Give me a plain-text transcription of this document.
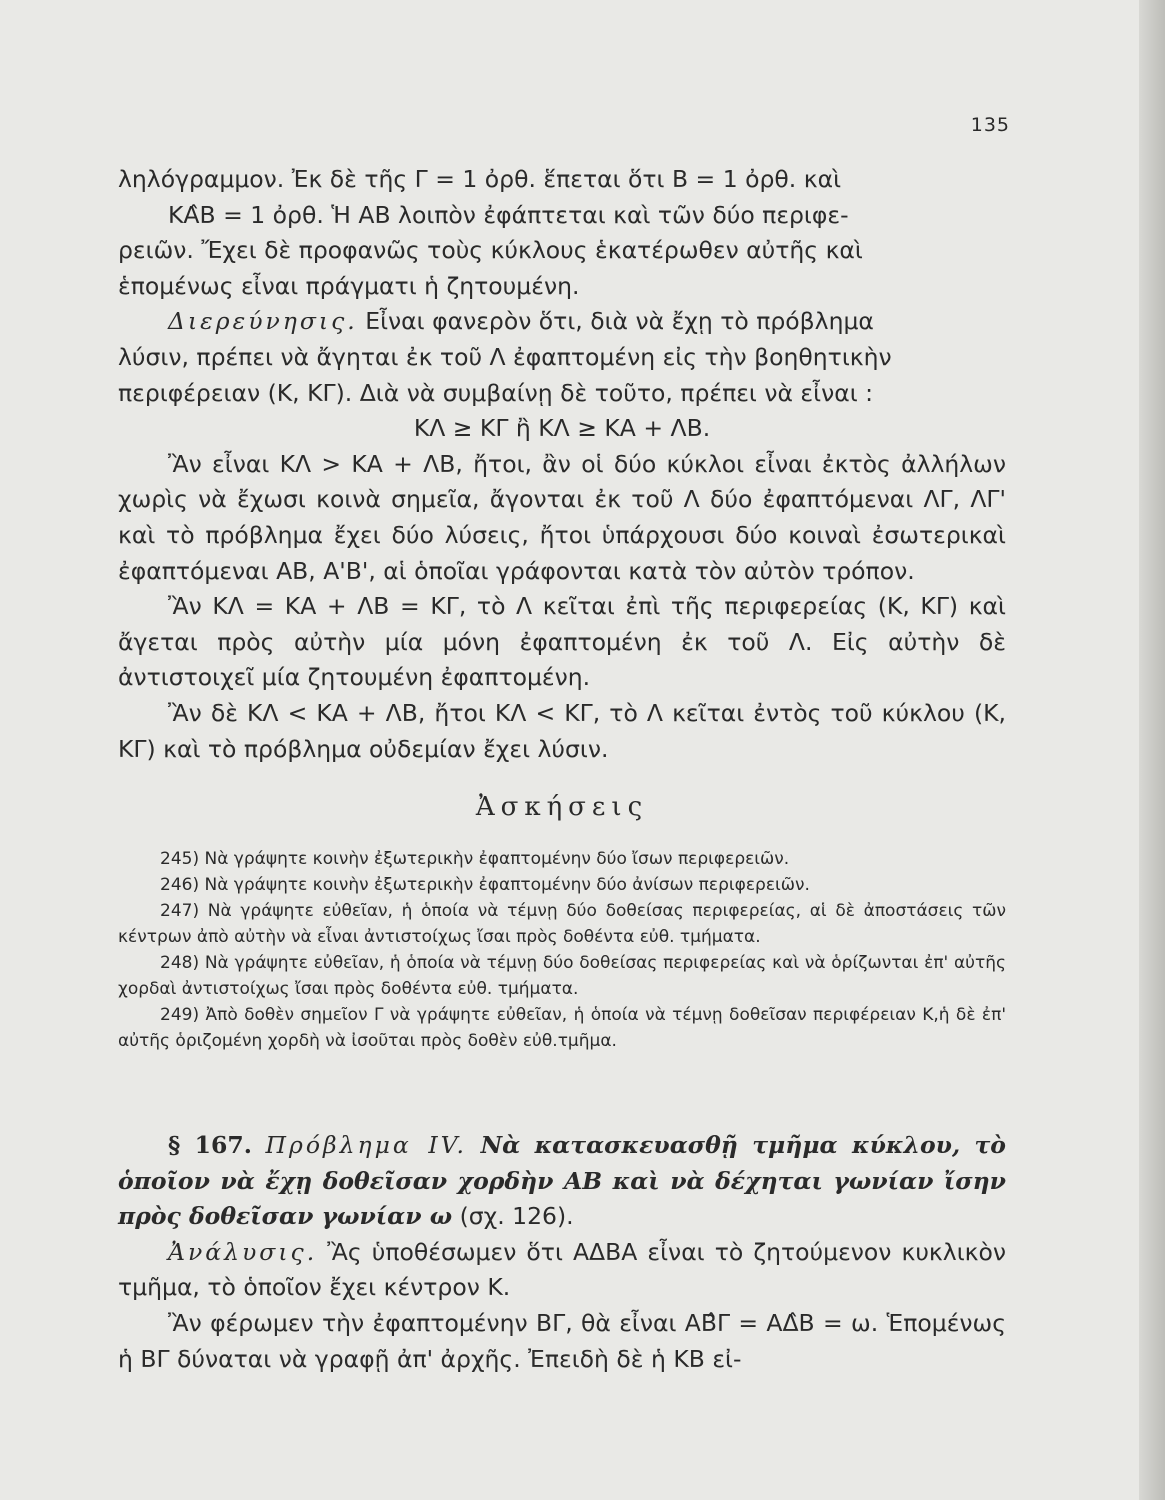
135

ληλόγραμμον. Ἐκ δὲ τῆς Γ = 1 ὀρθ. ἕπεται ὅτι Β = 1 ὀρθ. καὶ

ΚΑ̂Β = 1 ὀρθ. Ἡ ΑΒ λοιπὸν ἐφάπτεται καὶ τῶν δύο περιφε-

ρειῶν. Ἔχει δὲ προφανῶς τοὺς κύκλους ἑκατέρωθεν αὐτῆς καὶ

ἑπομένως εἶναι πράγματι ἡ ζητουμένη.

Διερεύνησις. Εἶναι φανερὸν ὅτι, διὰ νὰ ἔχῃ τὸ πρόβλημα

λύσιν, πρέπει νὰ ἄγηται ἐκ τοῦ Λ ἐφαπτομένη εἰς τὴν βοηθητικὴν

περιφέρειαν (Κ, ΚΓ). Διὰ νὰ συμβαίνῃ δὲ τοῦτο, πρέπει νὰ εἶναι :

ΚΛ ≥ ΚΓ ἢ ΚΛ ≥ ΚΑ + ΛΒ.

Ἂν εἶναι ΚΛ > ΚΑ + ΛΒ, ἤτοι, ἂν οἱ δύο κύκλοι εἶναι ἐκτὸς ἀλλήλων χωρὶς νὰ ἔχωσι κοινὰ σημεῖα, ἄγονται ἐκ τοῦ Λ δύο ἐφαπτόμεναι ΛΓ, ΛΓ' καὶ τὸ πρόβλημα ἔχει δύο λύσεις, ἤτοι ὑπάρχουσι δύο κοιναὶ ἐσωτερικαὶ ἐφαπτόμεναι ΑΒ, Α'Β', αἱ ὁποῖαι γράφονται κατὰ τὸν αὐτὸν τρόπον.

Ἂν ΚΛ = ΚΑ + ΛΒ = ΚΓ, τὸ Λ κεῖται ἐπὶ τῆς περιφερείας (Κ, ΚΓ) καὶ ἄγεται πρὸς αὐτὴν μία μόνη ἐφαπτομένη ἐκ τοῦ Λ. Εἰς αὐτὴν δὲ ἀντιστοιχεῖ μία ζητουμένη ἐφαπτομένη.

Ἂν δὲ ΚΛ < ΚΑ + ΛΒ, ἤτοι ΚΛ < ΚΓ, τὸ Λ κεῖται ἐντὸς τοῦ κύκλου (Κ, ΚΓ) καὶ τὸ πρόβλημα οὐδεμίαν ἔχει λύσιν.

Ἀσκήσεις

245) Νὰ γράψητε κοινὴν ἐξωτερικὴν ἐφαπτομένην δύο ἴσων περιφερειῶν.

246) Νὰ γράψητε κοινὴν ἐξωτερικὴν ἐφαπτομένην δύο ἀνίσων περιφερειῶν.

247) Νὰ γράψητε εὐθεῖαν, ἡ ὁποία νὰ τέμνῃ δύο δοθείσας περιφερείας, αἱ δὲ ἀποστάσεις τῶν κέντρων ἀπὸ αὐτὴν νὰ εἶναι ἀντιστοίχως ἴσαι πρὸς δοθέντα εὐθ. τμήματα.

248) Νὰ γράψητε εὐθεῖαν, ἡ ὁποία νὰ τέμνῃ δύο δοθείσας περιφερείας καὶ νὰ ὁρίζωνται ἐπ' αὐτῆς χορδαὶ ἀντιστοίχως ἴσαι πρὸς δοθέντα εὐθ. τμήματα.

249) Ἀπὸ δοθὲν σημεῖον Γ νὰ γράψητε εὐθεῖαν, ἡ ὁποία νὰ τέμνῃ δοθεῖσαν περιφέρειαν Κ,ἡ δὲ ἐπ' αὐτῆς ὁριζομένη χορδὴ νὰ ἰσοῦται πρὸς δοθὲν εὐθ.τμῆμα.

§ 167. Πρόβλημα IV. Νὰ κατασκευασθῇ τμῆμα κύκλου, τὸ ὁποῖον νὰ ἔχῃ δοθεῖσαν χορδὴν ΑΒ καὶ νὰ δέχηται γωνίαν ἴσην πρὸς δοθεῖσαν γωνίαν ω (σχ. 126).

Ἀνάλυσις. Ἂς ὑποθέσωμεν ὅτι ΑΔΒΑ εἶναι τὸ ζητούμενον κυκλικὸν τμῆμα, τὸ ὁποῖον ἔχει κέντρον Κ.

Ἂν φέρωμεν τὴν ἐφαπτομένην ΒΓ, θὰ εἶναι ΑΒ̂Γ = ΑΔ̂Β = ω. Ἑπομένως ἡ ΒΓ δύναται νὰ γραφῇ ἀπ' ἀρχῆς. Ἐπειδὴ δὲ ἡ ΚΒ εἰ-
